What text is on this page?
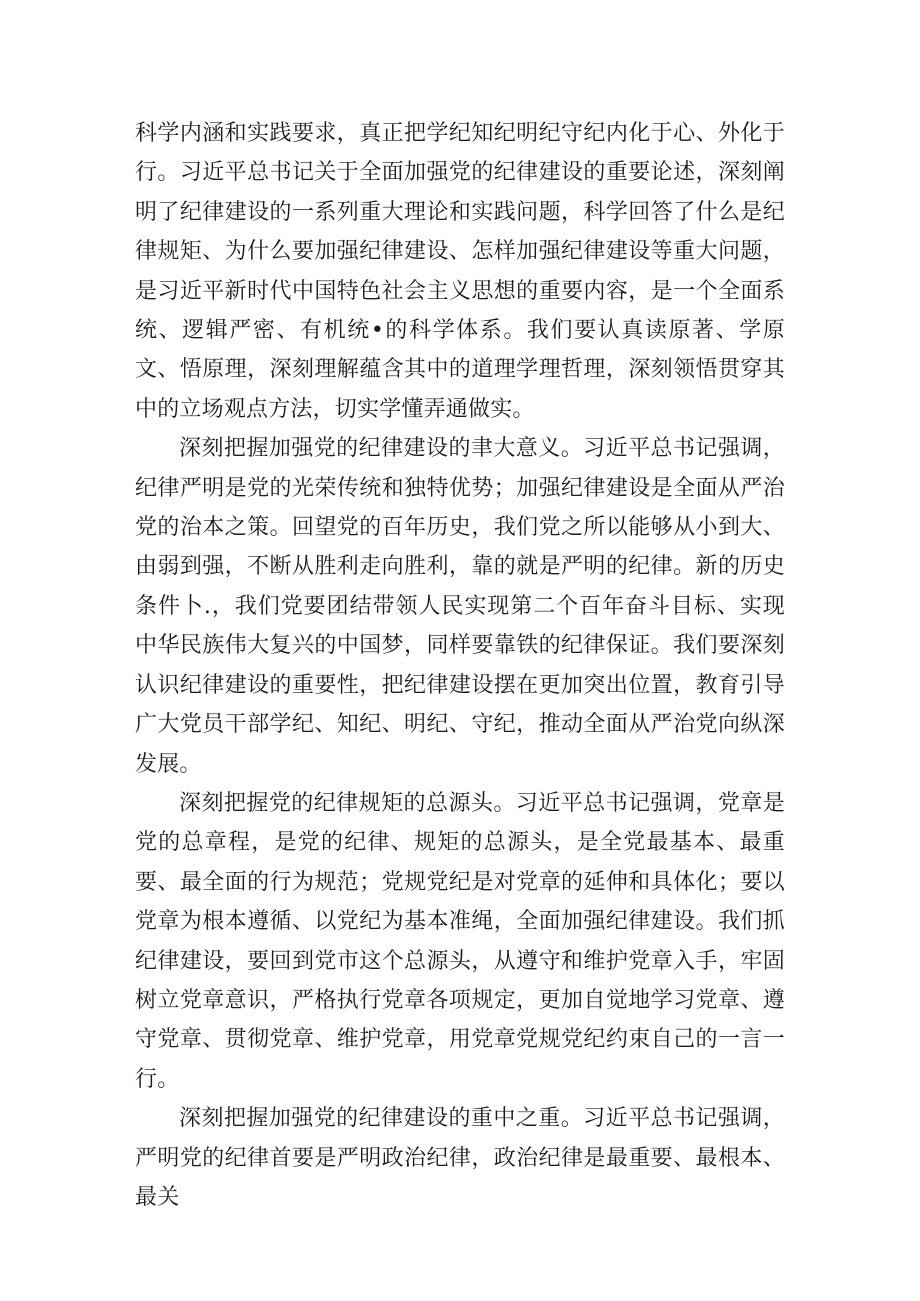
科学内涵和实践要求，真正把学纪知纪明纪守纪内化于心、外化于行。习近平总书记关于全面加强党的纪律建设的重要论述，深刻阐明了纪律建设的一系列重大理论和实践问题，科学回答了什么是纪律规矩、为什么要加强纪律建设、怎样加强纪律建设等重大问题，是习近平新时代中国特色社会主义思想的重要内容，是一个全面系统、逻辑严密、有机统•的科学体系。我们要认真读原著、学原文、悟原理，深刻理解蕴含其中的道理学理哲理，深刻领悟贯穿其中的立场观点方法，切实学懂弄通做实。

深刻把握加强党的纪律建设的聿大意义。习近平总书记强调，纪律严明是党的光荣传统和独特优势；加强纪律建设是全面从严治党的治本之策。回望党的百年历史，我们党之所以能够从小到大、由弱到强，不断从胜利走向胜利，靠的就是严明的纪律。新的历史条件卜.，我们党要团结带领人民实现第二个百年奋斗目标、实现中华民族伟大复兴的中国梦，同样要靠铁的纪律保证。我们要深刻认识纪律建设的重要性，把纪律建设摆在更加突出位置，教育引导广大党员干部学纪、知纪、明纪、守纪，推动全面从严治党向纵深发展。

深刻把握党的纪律规矩的总源头。习近平总书记强调，党章是党的总章程，是党的纪律、规矩的总源头，是全党最基本、最重要、最全面的行为规范；党规党纪是对党章的延伸和具体化；要以党章为根本遵循、以党纪为基本准绳，全面加强纪律建设。我们抓纪律建设，要回到党市这个总源头，从遵守和维护党章入手，牢固树立党章意识，严格执行党章各项规定，更加自觉地学习党章、遵守党章、贯彻党章、维护党章，用党章党规党纪约束自己的一言一行。

深刻把握加强党的纪律建设的重中之重。习近平总书记强调，严明党的纪律首要是严明政治纪律，政治纪律是最重要、最根本、最关
